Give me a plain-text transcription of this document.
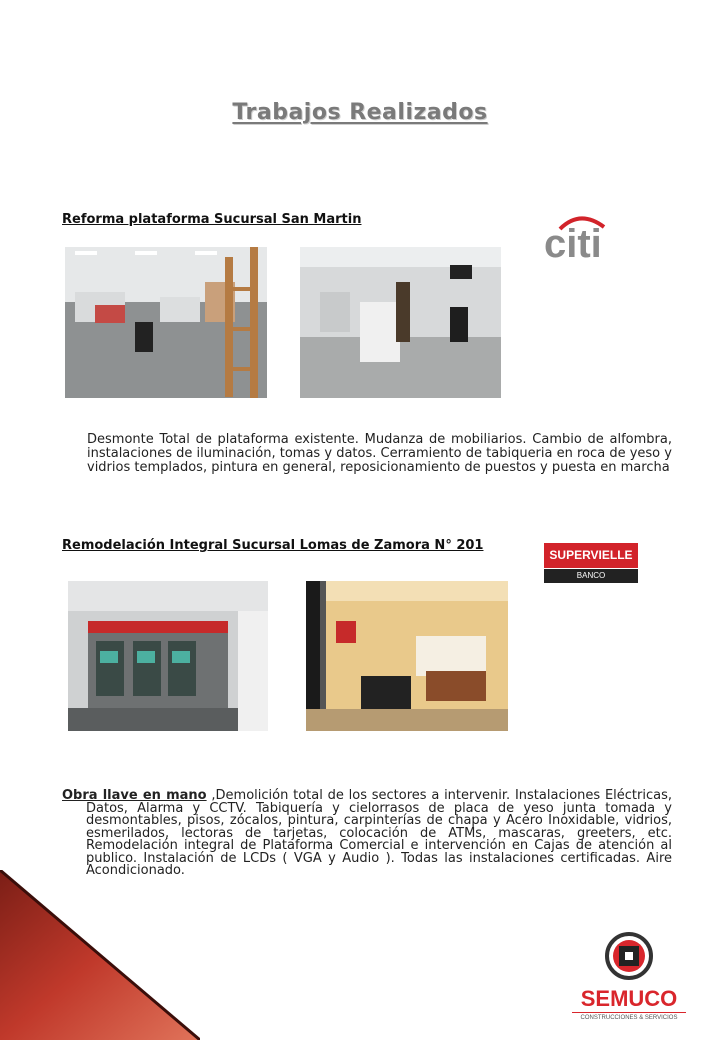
Trabajos Realizados
Reforma plataforma Sucursal San Martin
citi
Desmonte Total de plataforma existente. Mudanza de mobiliarios. Cambio de alfombra, instalaciones de iluminación, tomas y datos. Cerramiento de tabiqueria en roca de yeso y vidrios templados, pintura en general, reposicionamiento de puestos y puesta en marcha
Remodelación Integral Sucursal Lomas de Zamora N° 201
SUPERVIELLE
BANCO
Obra llave en mano ,Demolición total de los sectores a intervenir. Instalaciones Eléctricas, Datos, Alarma y CCTV. Tabiquería y cielorrasos de placa de yeso junta tomada y desmontables, pisos, zócalos, pintura, carpinterías de chapa y Acero Inoxidable, vidrios, esmerilados, lectoras de tarjetas, colocación de ATMs, mascaras, greeters, etc. Remodelación integral de Plataforma Comercial e intervención en Cajas de atención al publico. Instalación de LCDs ( VGA y Audio ). Todas las instalaciones certificadas. Aire Acondicionado.
SEMUCO
CONSTRUCCIONES & SERVICIOS
